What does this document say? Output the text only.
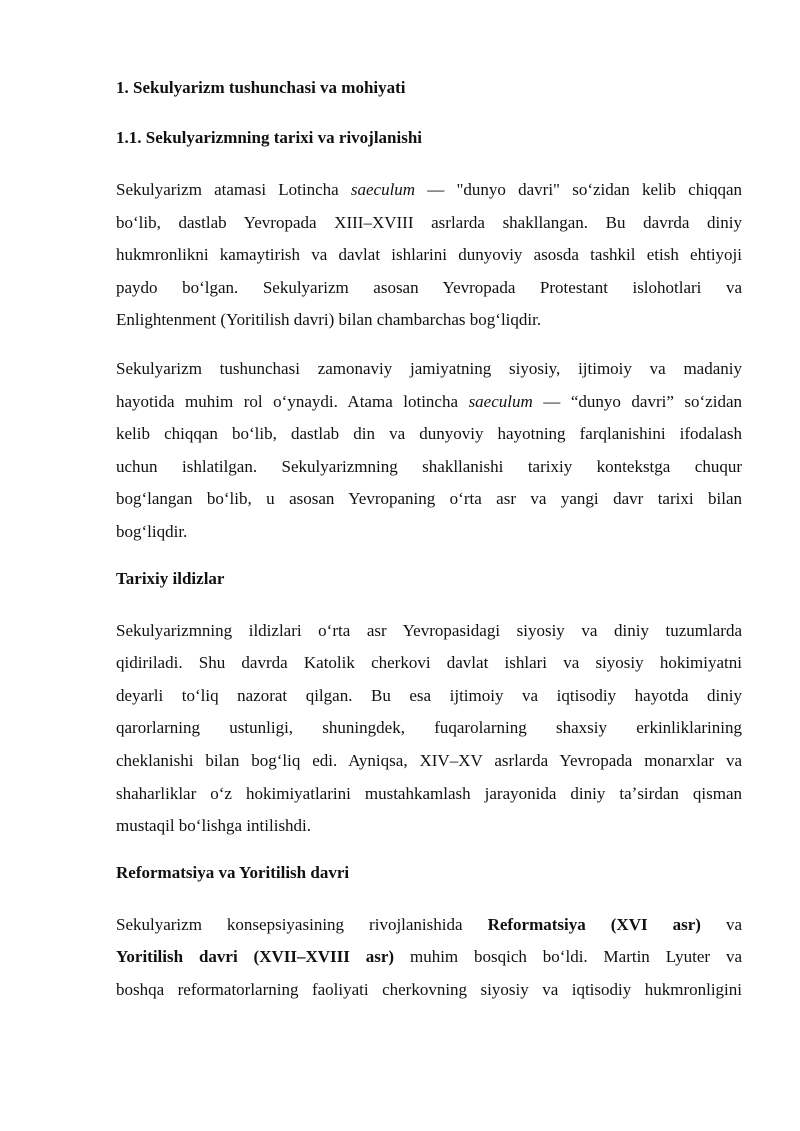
1. Sekulyarizm tushunchasi va mohiyati

1.1. Sekulyarizmning tarixi va rivojlanishi

Sekulyarizm atamasi Lotincha saeculum — "dunyo davri" soʻzidan kelib chiqqan
boʻlib, dastlab Yevropada XIII–XVIII asrlarda shakllangan. Bu davrda diniy
hukmronlikni kamaytirish va davlat ishlarini dunyoviy asosda tashkil etish ehtiyoji
paydo boʻlgan. Sekulyarizm asosan Yevropada Protestant islohotlari va
Enlightenment (Yoritilish davri) bilan chambarchas bogʻliqdir.
Sekulyarizm tushunchasi zamonaviy jamiyatning siyosiy, ijtimoiy va madaniy
hayotida muhim rol oʻynaydi. Atama lotincha saeculum — “dunyo davri” soʻzidan
kelib chiqqan boʻlib, dastlab din va dunyoviy hayotning farqlanishini ifodalash
uchun ishlatilgan. Sekulyarizmning shakllanishi tarixiy kontekstga chuqur
bogʻlangan boʻlib, u asosan Yevropaning oʻrta asr va yangi davr tarixi bilan
bogʻliqdir.

Tarixiy ildizlar

Sekulyarizmning ildizlari oʻrta asr Yevropasidagi siyosiy va diniy tuzumlarda
qidiriladi. Shu davrda Katolik cherkovi davlat ishlari va siyosiy hokimiyatni
deyarli toʻliq nazorat qilgan. Bu esa ijtimoiy va iqtisodiy hayotda diniy
qarorlarning ustunligi, shuningdek, fuqarolarning shaxsiy erkinliklarining
cheklanishi bilan bogʻliq edi. Ayniqsa, XIV–XV asrlarda Yevropada monarxlar va
shaharliklar oʻz hokimiyatlarini mustahkamlash jarayonida diniy taʼsirdan qisman
mustaqil boʻlishga intilishdi.

Reformatsiya va Yoritilish davri

Sekulyarizm konsepsiyasining rivojlanishida Reformatsiya (XVI asr) va
Yoritilish davri (XVII–XVIII asr) muhim bosqich boʻldi. Martin Lyuter va
boshqa reformatorlarning faoliyati cherkovning siyosiy va iqtisodiy hukmronligini
